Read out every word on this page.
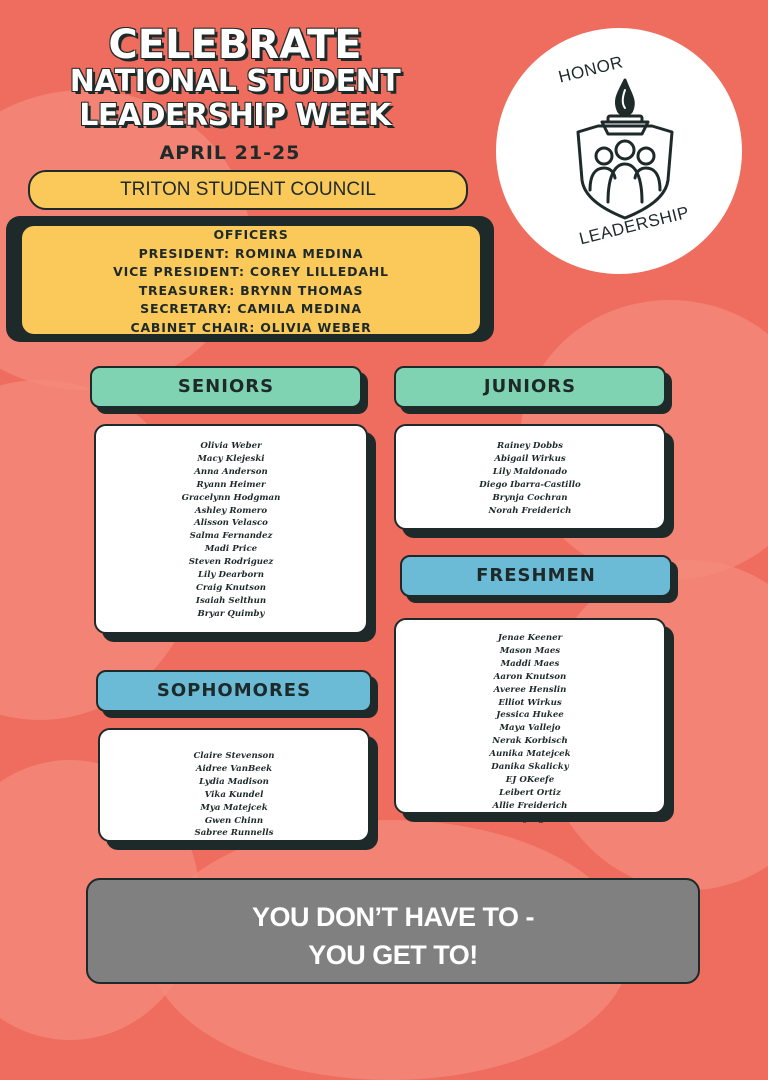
CELEBRATE
NATIONAL STUDENT
LEADERSHIP WEEK
APRIL 21-25
TRITON STUDENT COUNCIL
OFFICERS
PRESIDENT: ROMINA MEDINA
VICE PRESIDENT: COREY LILLEDAHL
TREASURER: BRYNN THOMAS
SECRETARY: CAMILA MEDINA
CABINET CHAIR: OLIVIA WEBER
HONOR
LEADERSHIP
SENIORS
Olivia Weber
Macy Klejeski
Anna Anderson
Ryann Heimer
Gracelynn Hodgman
Ashley Romero
Alisson Velasco
Salma Fernandez
Madi Price
Steven Rodriguez
Lily Dearborn
Craig Knutson
Isaiah Selthun
Bryar Quimby
JUNIORS
Rainey Dobbs
Abigail Wirkus
Lily Maldonado
Diego Ibarra-Castillo
Brynja Cochran
Norah Freiderich
FRESHMEN
Jenae Keener
Mason Maes
Maddi Maes
Aaron Knutson
Averee Henslin
Elliot Wirkus
Jessica Hukee
Maya Vallejo
Nerak Korbisch
Aunika Matejcek
Danika Skalicky
EJ OKeefe
Leibert Ortiz
Allie Freiderich
Henry Ogren
SOPHOMORES
Claire Stevenson
Aidree VanBeek
Lydia Madison
Vika Kundel
Mya Matejcek
Gwen Chinn
Sabree Runnells
YOU DON’T HAVE TO -
YOU GET TO!
